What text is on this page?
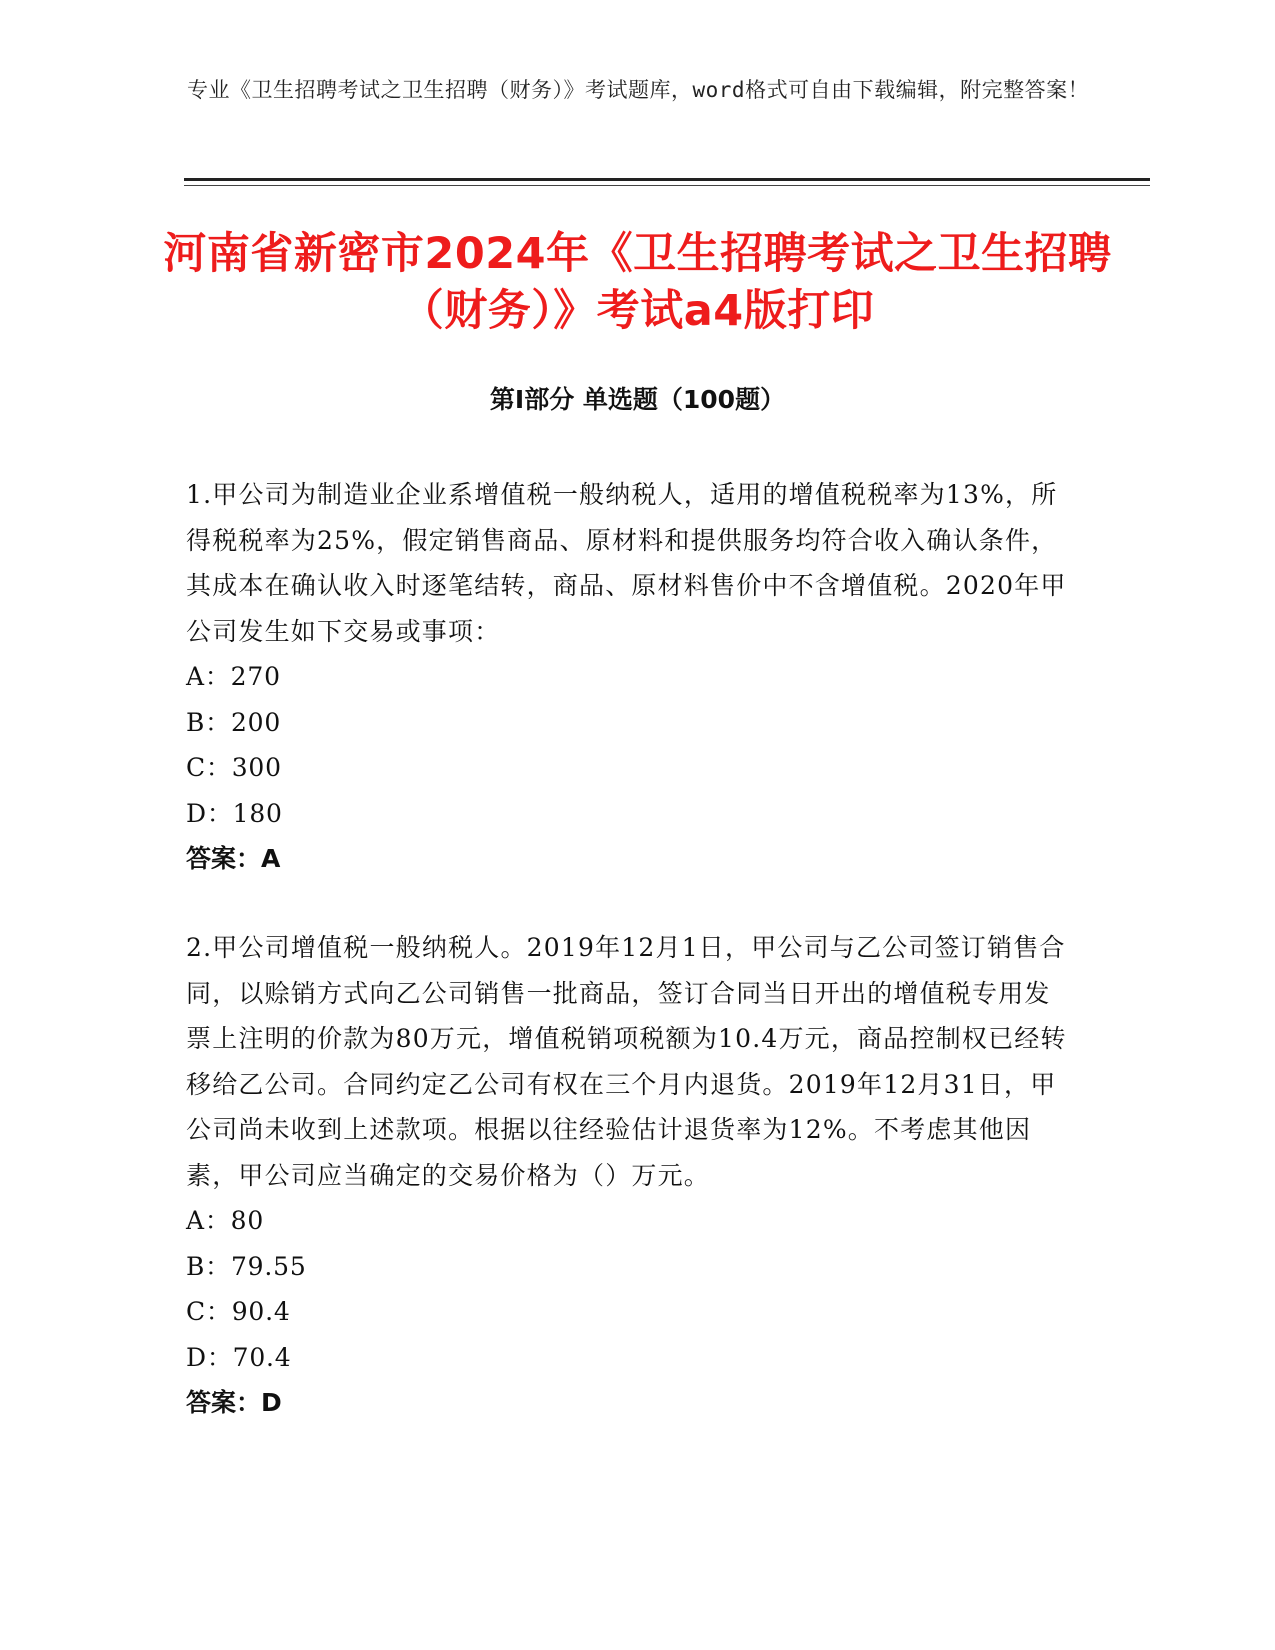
专业《卫生招聘考试之卫生招聘（财务）》考试题库，word格式可自由下载编辑，附完整答案！
河南省新密市2024年《卫生招聘考试之卫生招聘（财务）》考试a4版打印
第Ⅰ部分 单选题（100题）

1.甲公司为制造业企业系增值税一般纳税人，适用的增值税税率为13%，所得税税率为25%，假定销售商品、原材料和提供服务均符合收入确认条件，其成本在确认收入时逐笔结转，商品、原材料售价中不含增值税。2020年甲公司发生如下交易或事项：

A：270

B：200

C：300

D：180

答案：A

2.甲公司增值税一般纳税人。2019年12月1日，甲公司与乙公司签订销售合同，以赊销方式向乙公司销售一批商品，签订合同当日开出的增值税专用发票上注明的价款为80万元，增值税销项税额为10.4万元，商品控制权已经转移给乙公司。合同约定乙公司有权在三个月内退货。2019年12月31日，甲公司尚未收到上述款项。根据以往经验估计退货率为12%。不考虑其他因素，甲公司应当确定的交易价格为（）万元。

A：80

B：79.55

C：90.4

D：70.4

答案：D
